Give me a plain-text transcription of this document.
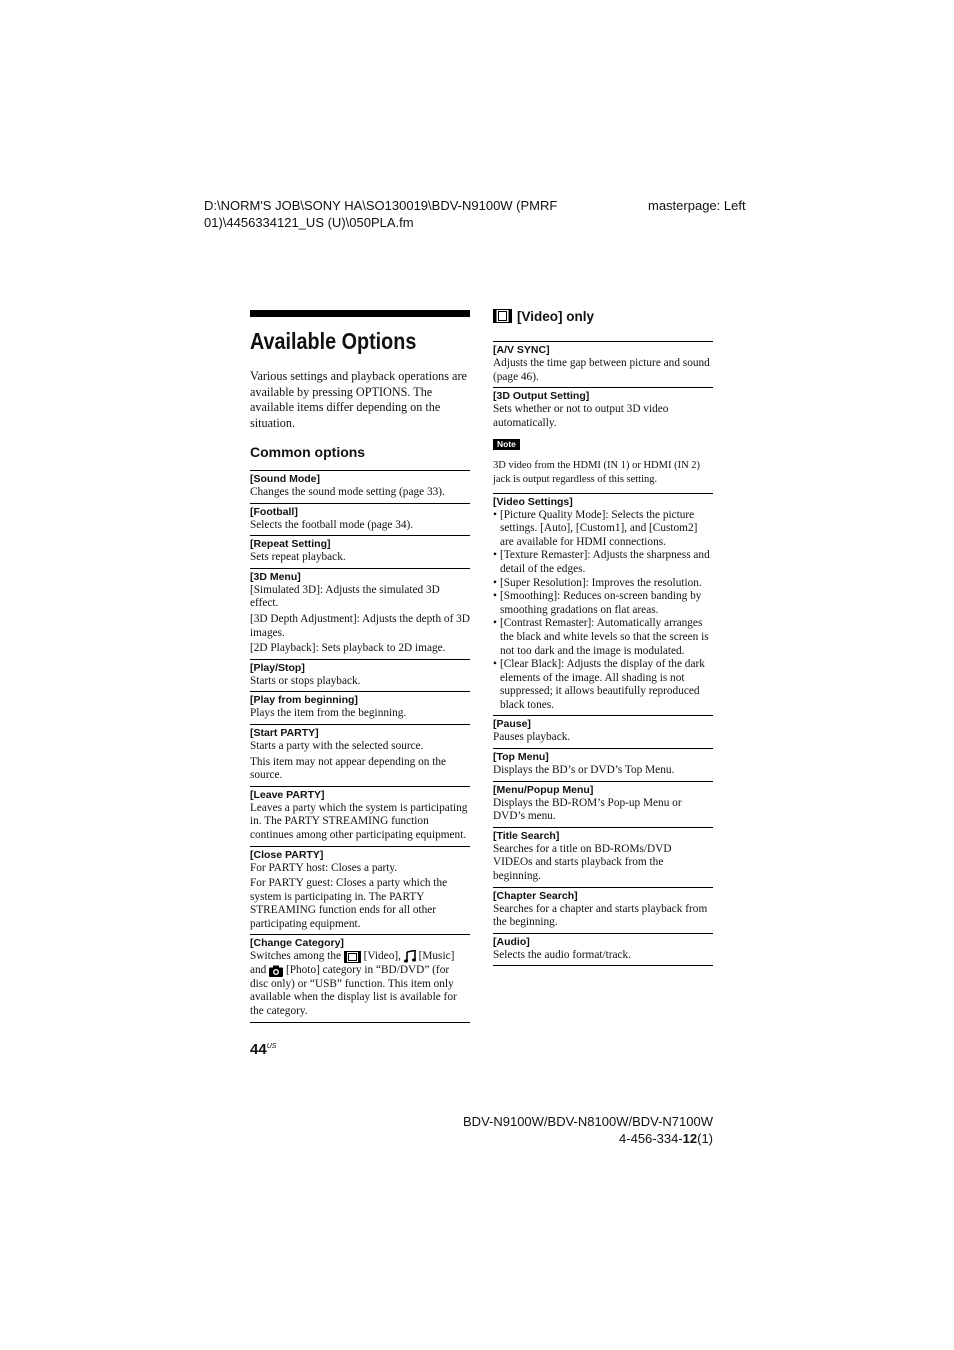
D:\NORM'S JOB\SONY HA\SO130019\BDV-N9100W (PMRF 01)\4456334121_US (U)\050PLA.fm
masterpage: Left
Available Options
Various settings and playback operations are available by pressing OPTIONS. The available items differ depending on the situation.
Common options
[Sound Mode]
Changes the sound mode setting (page 33).
[Football]
Selects the football mode (page 34).
[Repeat Setting]
Sets repeat playback.
[3D Menu]

[Simulated 3D]: Adjusts the simulated 3D effect.

[3D Depth Adjustment]: Adjusts the depth of 3D images.

[2D Playback]: Sets playback to 2D image.

[Play/Stop]
Starts or stops playback.
[Play from beginning]
Plays the item from the beginning.
[Start PARTY]

Starts a party with the selected source.

This item may not appear depending on the source.

[Leave PARTY]
Leaves a party which the system is participating in. The PARTY STREAMING function continues among other participating equipment.
[Close PARTY]

For PARTY host: Closes a party.

For PARTY guest: Closes a party which the system is participating in. The PARTY STREAMING function ends for all other participating equipment.

[Change Category]
Switches among the [Video], [Music] and [Photo] category in “BD/DVD” (for disc only) or “USB” function. This item only available when the display list is available for the category.
[Video] only
[A/V SYNC]
Adjusts the time gap between picture and sound (page 46).
[3D Output Setting]
Sets whether or not to output 3D video automatically.
Note
3D video from the HDMI (IN 1) or HDMI (IN 2) jack is output regardless of this setting.
[Video Settings]
• [Picture Quality Mode]: Selects the picture settings. [Auto], [Custom1], and [Custom2] are available for HDMI connections.
• [Texture Remaster]: Adjusts the sharpness and detail of the edges.
• [Super Resolution]: Improves the resolution.
• [Smoothing]: Reduces on-screen banding by smoothing gradations on flat areas.
• [Contrast Remaster]: Automatically arranges the black and white levels so that the screen is not too dark and the image is modulated.
• [Clear Black]: Adjusts the display of the dark elements of the image. All shading is not suppressed; it allows beautifully reproduced black tones.
[Pause]
Pauses playback.
[Top Menu]
Displays the BD’s or DVD’s Top Menu.
[Menu/Popup Menu]
Displays the BD-ROM’s Pop-up Menu or DVD’s menu.
[Title Search]
Searches for a title on BD-ROMs/DVD VIDEOs and starts playback from the beginning.
[Chapter Search]
Searches for a chapter and starts playback from the beginning.
[Audio]
Selects the audio format/track.
$44^{US}$
BDV-N9100W/BDV-N8100W/BDV-N7100W
4-456-334-12(1)
